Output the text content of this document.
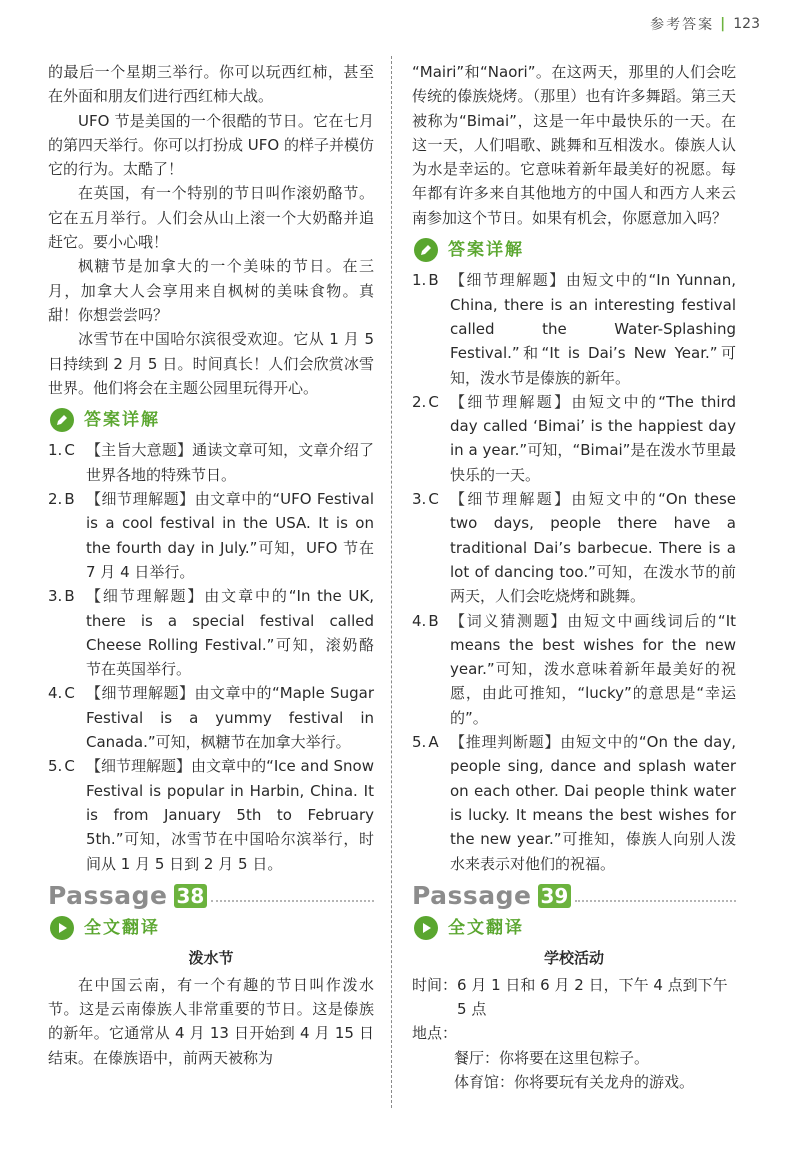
参考答案 | 123

的最后一个星期三举行。你可以玩西红柿，甚至在外面和朋友们进行西红柿大战。

UFO 节是美国的一个很酷的节日。它在七月的第四天举行。你可以打扮成 UFO 的样子并模仿它的行为。太酷了！

在英国，有一个特别的节日叫作滚奶酪节。它在五月举行。人们会从山上滚一个大奶酪并追赶它。要小心哦！

枫糖节是加拿大的一个美味的节日。在三月，加拿大人会享用来自枫树的美味食物。真甜！你想尝尝吗？

冰雪节在中国哈尔滨很受欢迎。它从 1 月 5 日持续到 2 月 5 日。时间真长！人们会欣赏冰雪世界。他们将会在主题公园里玩得开心。

答案详解
1. C 【主旨大意题】通读文章可知，文章介绍了世界各地的特殊节日。
2. B 【细节理解题】由文章中的“UFO Festival is a cool festival in the USA. It is on the fourth day in July.”可知，UFO 节在 7 月 4 日举行。
3. B 【细节理解题】由文章中的“In the UK, there is a special festival called Cheese Rolling Festival.”可知，滚奶酪节在英国举行。
4. C 【细节理解题】由文章中的“Maple Sugar Festival is a yummy festival in Canada.”可知，枫糖节在加拿大举行。
5. C 【细节理解题】由文章中的“Ice and Snow Festival is popular in Harbin, China. It is from January 5th to February 5th.”可知，冰雪节在中国哈尔滨举行，时间从 1 月 5 日到 2 月 5 日。
Passage 38
全文翻译
泼水节

在中国云南，有一个有趣的节日叫作泼水节。这是云南傣族人非常重要的节日。这是傣族的新年。它通常从 4 月 13 日开始到 4 月 15 日结束。在傣族语中，前两天被称为

“Mairi”和“Naori”。在这两天，那里的人们会吃传统的傣族烧烤。（那里）也有许多舞蹈。第三天被称为“Bimai”，这是一年中最快乐的一天。在这一天，人们唱歌、跳舞和互相泼水。傣族人认为水是幸运的。它意味着新年最美好的祝愿。每年都有许多来自其他地方的中国人和西方人来云南参加这个节日。如果有机会，你愿意加入吗？

答案详解
1. B 【细节理解题】由短文中的“In Yunnan, China, there is an interesting festival called the Water-Splashing Festival.”和“It is Dai’s New Year.”可知，泼水节是傣族的新年。
2. C 【细节理解题】由短文中的“The third day called ‘Bimai’ is the happiest day in a year.”可知，“Bimai”是在泼水节里最快乐的一天。
3. C 【细节理解题】由短文中的“On these two days, people there have a traditional Dai’s barbecue. There is a lot of dancing too.”可知，在泼水节的前两天，人们会吃烧烤和跳舞。
4. B 【词义猜测题】由短文中画线词后的“It means the best wishes for the new year.”可知，泼水意味着新年最美好的祝愿，由此可推知，“lucky”的意思是“幸运的”。
5. A 【推理判断题】由短文中的“On the day, people sing, dance and splash water on each other. Dai people think water is lucky. It means the best wishes for the new year.”可推知，傣族人向别人泼水来表示对他们的祝福。
Passage 39
全文翻译
学校活动
时间： 6 月 1 日和 6 月 2 日，下午 4 点到下午 5 点
地点：
餐厅：你将要在这里包粽子。
体育馆：你将要玩有关龙舟的游戏。
